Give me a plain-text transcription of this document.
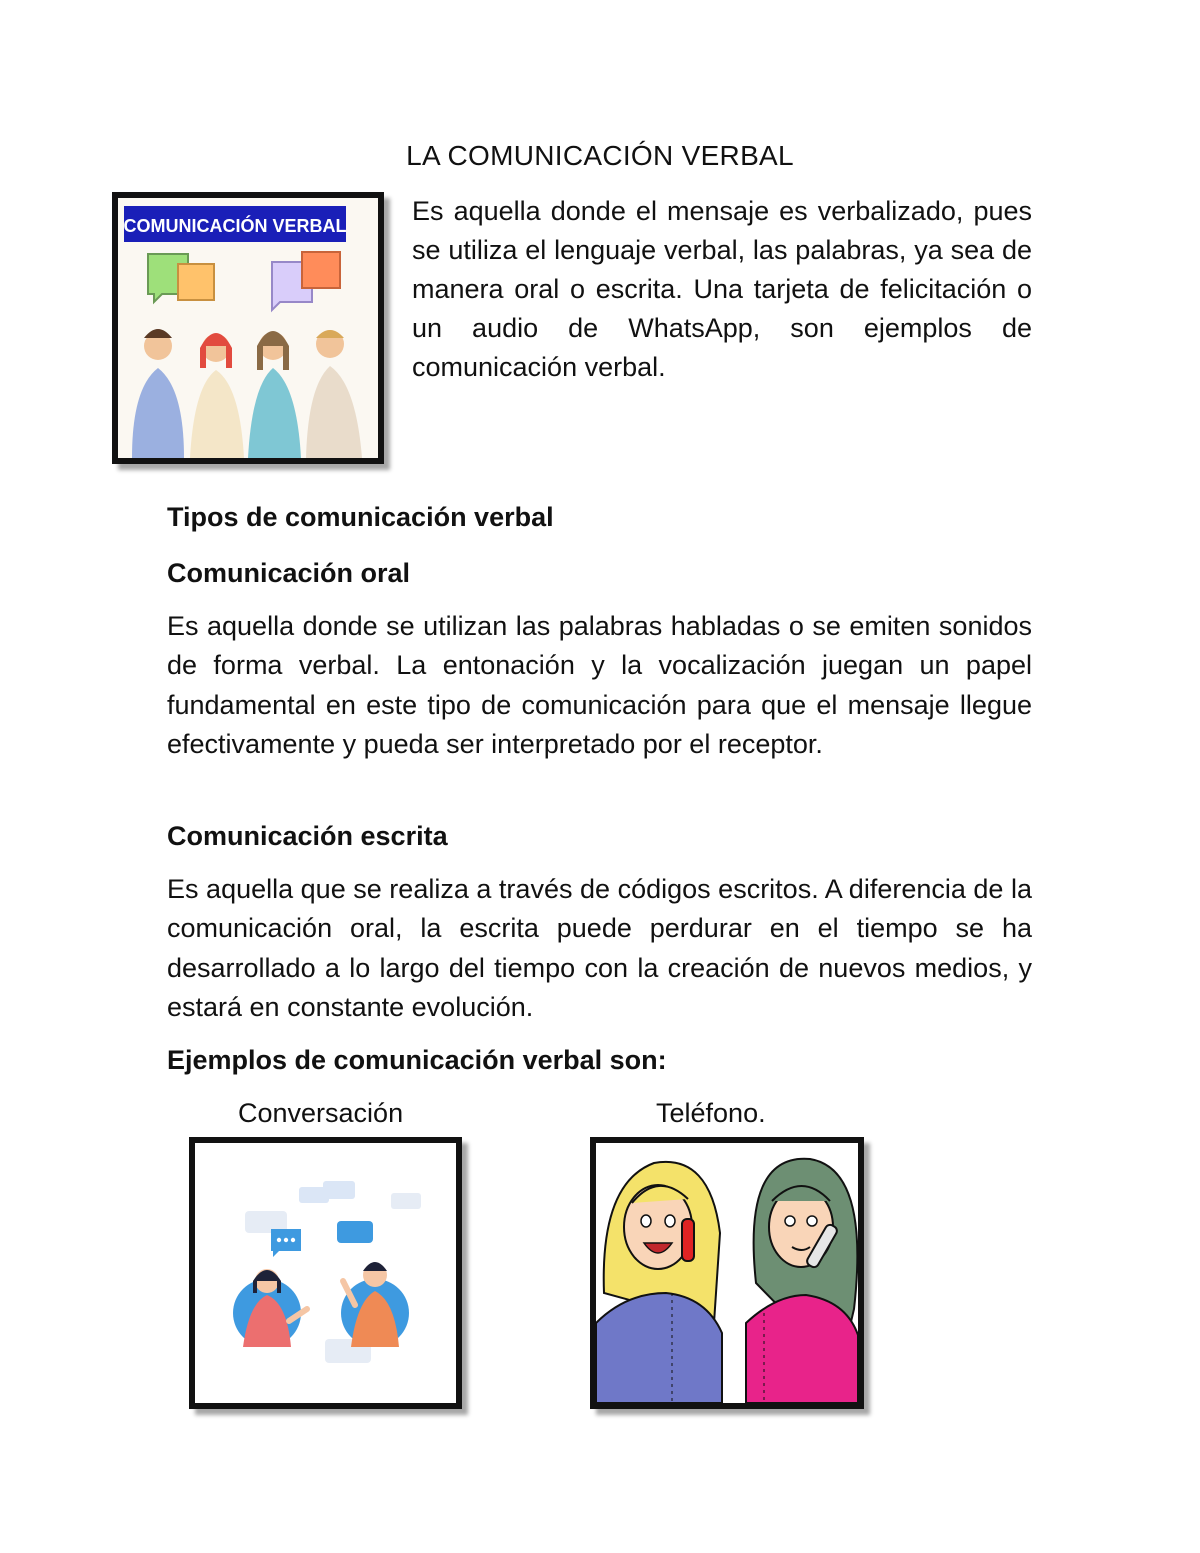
LA COMUNICACIÓN VERBAL
COMUNICACIÓN VERBAL Es aquella donde el mensaje es verbalizado, pues se utiliza el lenguaje verbal, las palabras, ya sea de manera oral o escrita. Una tarjeta de felicitación o un audio de WhatsApp, son ejemplos de comunicación verbal.

Tipos de comunicación verbal

Comunicación oral

Es aquella donde se utilizan las palabras habladas o se emiten sonidos de forma verbal. La entonación y la vocalización juegan un papel fundamental en este tipo de comunicación para que el mensaje llegue efectivamente y pueda ser interpretado por el receptor.

Comunicación escrita

Es aquella que se realiza a través de códigos escritos. A diferencia de la comunicación oral, la escrita puede perdurar en el tiempo se ha desarrollado a lo largo del tiempo con la creación de nuevos medios, y estará en constante evolución.

Ejemplos de comunicación verbal son:

Conversación	Teléfono.
